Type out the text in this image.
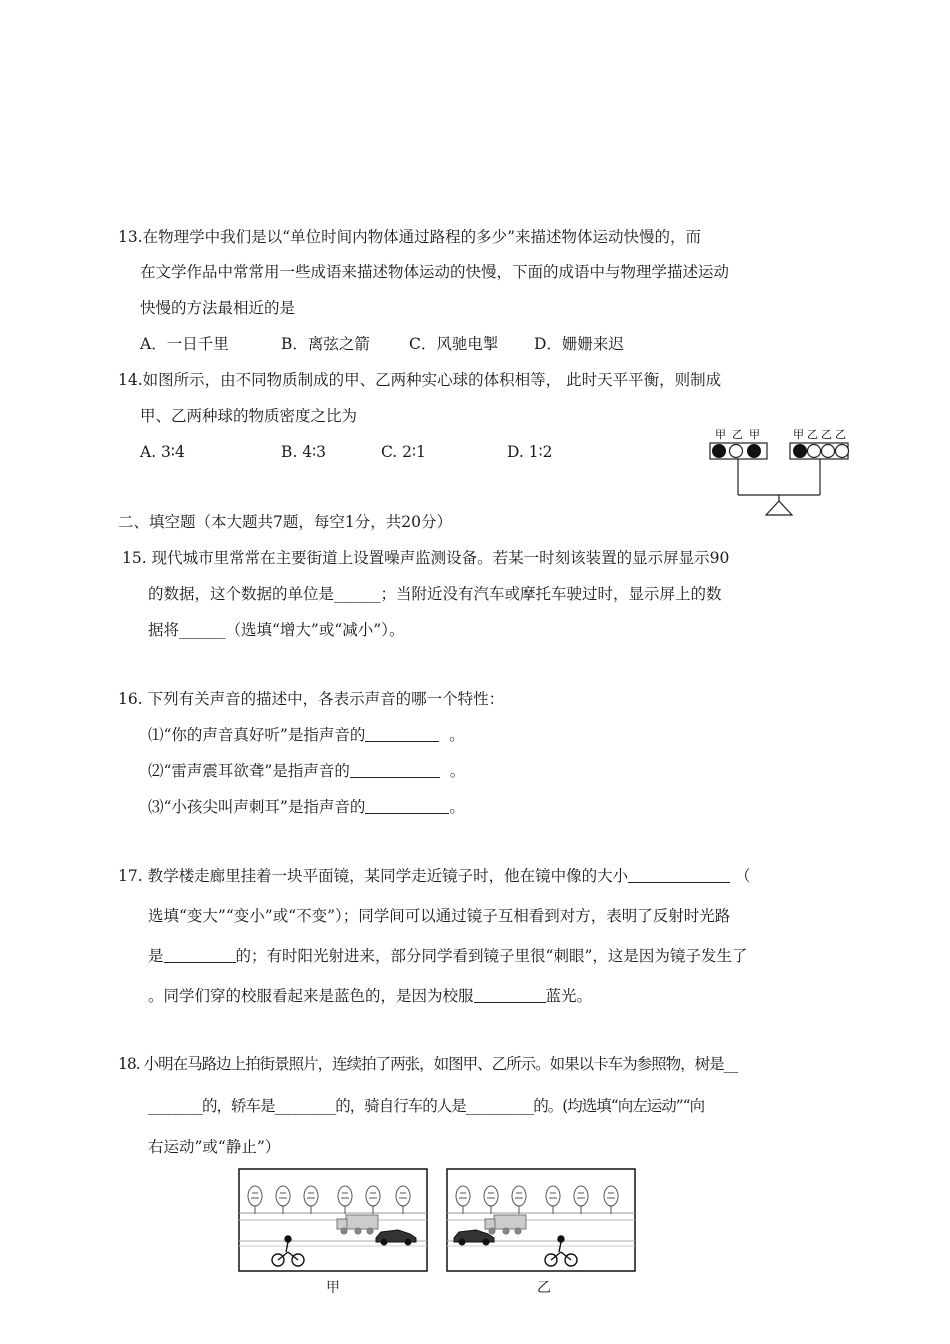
13.在物理学中我们是以“单位时间内物体通过路程的多少”来描述物体运动快慢的，而
在文学作品中常常用一些成语来描述物体运动的快慢，下面的成语中与物理学描述运动
快慢的方法最相近的是
A．一日千里	B．离弦之箭	C．风驰电掣 D．姗姗来迟
14.如图所示，由不同物质制成的甲、乙两种实心球的体积相等， 此时天平平衡，则制成
甲、乙两种球的物质密度之比为
A. 3∶4	B. 4∶3	C. 2∶1	D. 1∶2
甲 乙 甲	甲 乙 乙 乙
二、填空题（本大题共7题，每空1分，共20分）
15. 现代城市里常常在主要街道上设置噪声监测设备。若某一时刻该装置的显示屏显示90
的数据，这个数据的单位是______；当附近没有汽车或摩托车驶过时，显示屏上的数
据将______（选填“增大”或“减小”）。
16. 下列有关声音的描述中，各表示声音的哪一个特性：
⑴“你的声音真好听”是指声音的	。
⑵“雷声震耳欲聋”是指声音的	。
⑶“小孩尖叫声刺耳”是指声音的	。
17. 教学楼走廊里挂着一块平面镜，某同学走近镜子时，他在镜中像的大小	（
选填“变大”“变小”或“不变”）；同学间可以通过镜子互相看到对方，表明了反射时光路
是	的；有时阳光射进来，部分同学看到镜子里很“刺眼”，这是因为镜子发生了
。同学们穿的校服看起来是蓝色的，是因为校服	蓝光。
18. 小明在马路边上拍街景照片，连续拍了两张，如图甲、乙所示。如果以卡车为参照物，树是__
________的，轿车是_________的，骑自行车的人是__________的。(均选填“向左运动”“向
右运动”或“静止”）
甲	乙
